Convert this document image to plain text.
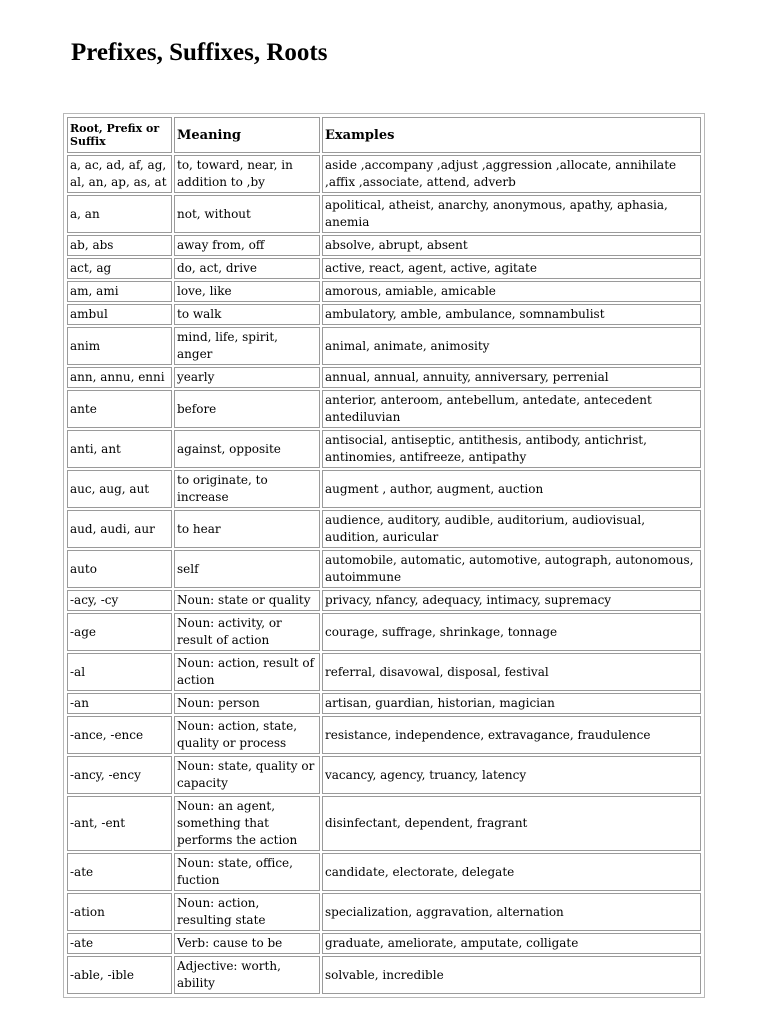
Prefixes, Suffixes, Roots
Root, Prefix or Suffix	Meaning	Examples
a, ac, ad, af, ag, al, an, ap, as, at	to, toward, near, in addition to ,by	aside ,accompany ,adjust ,aggression ,allocate, annihilate ,affix ,associate, attend, adverb
a, an	not, without	apolitical, atheist, anarchy, anonymous, apathy, aphasia, anemia
ab, abs	away from, off	absolve, abrupt, absent
act, ag	do, act, drive	active, react, agent, active, agitate
am, ami	love, like	amorous, amiable, amicable
ambul	to walk	ambulatory, amble, ambulance, somnambulist
anim	mind, life, spirit, anger	animal, animate, animosity
ann, annu, enni	yearly	annual, annual, annuity, anniversary, perrenial
ante	before	anterior, anteroom, antebellum, antedate, antecedent antediluvian
anti, ant	against, opposite	antisocial, antiseptic, antithesis, antibody, antichrist, antinomies, antifreeze, antipathy
auc, aug, aut	to originate, to increase	augment , author, augment, auction
aud, audi, aur	to hear	audience, auditory, audible, auditorium, audiovisual, audition, auricular
auto	self	automobile, automatic, automotive, autograph, autonomous, autoimmune
-acy, -cy	Noun: state or quality	privacy, nfancy, adequacy, intimacy, supremacy
-age	Noun: activity, or result of action	courage, suffrage, shrinkage, tonnage
-al	Noun: action, result of action	referral, disavowal, disposal, festival
-an	Noun: person	artisan, guardian, historian, magician
-ance, -ence	Noun: action, state, quality or process	resistance, independence, extravagance, fraudulence
-ancy, -ency	Noun: state, quality or capacity	vacancy, agency, truancy, latency
-ant, -ent	Noun: an agent, something that performs the action	disinfectant, dependent, fragrant
-ate	Noun: state, office, fuction	candidate, electorate, delegate
-ation	Noun: action, resulting state	specialization, aggravation, alternation
-ate	Verb: cause to be	graduate, ameliorate, amputate, colligate
-able, -ible	Adjective: worth, ability	solvable, incredible
